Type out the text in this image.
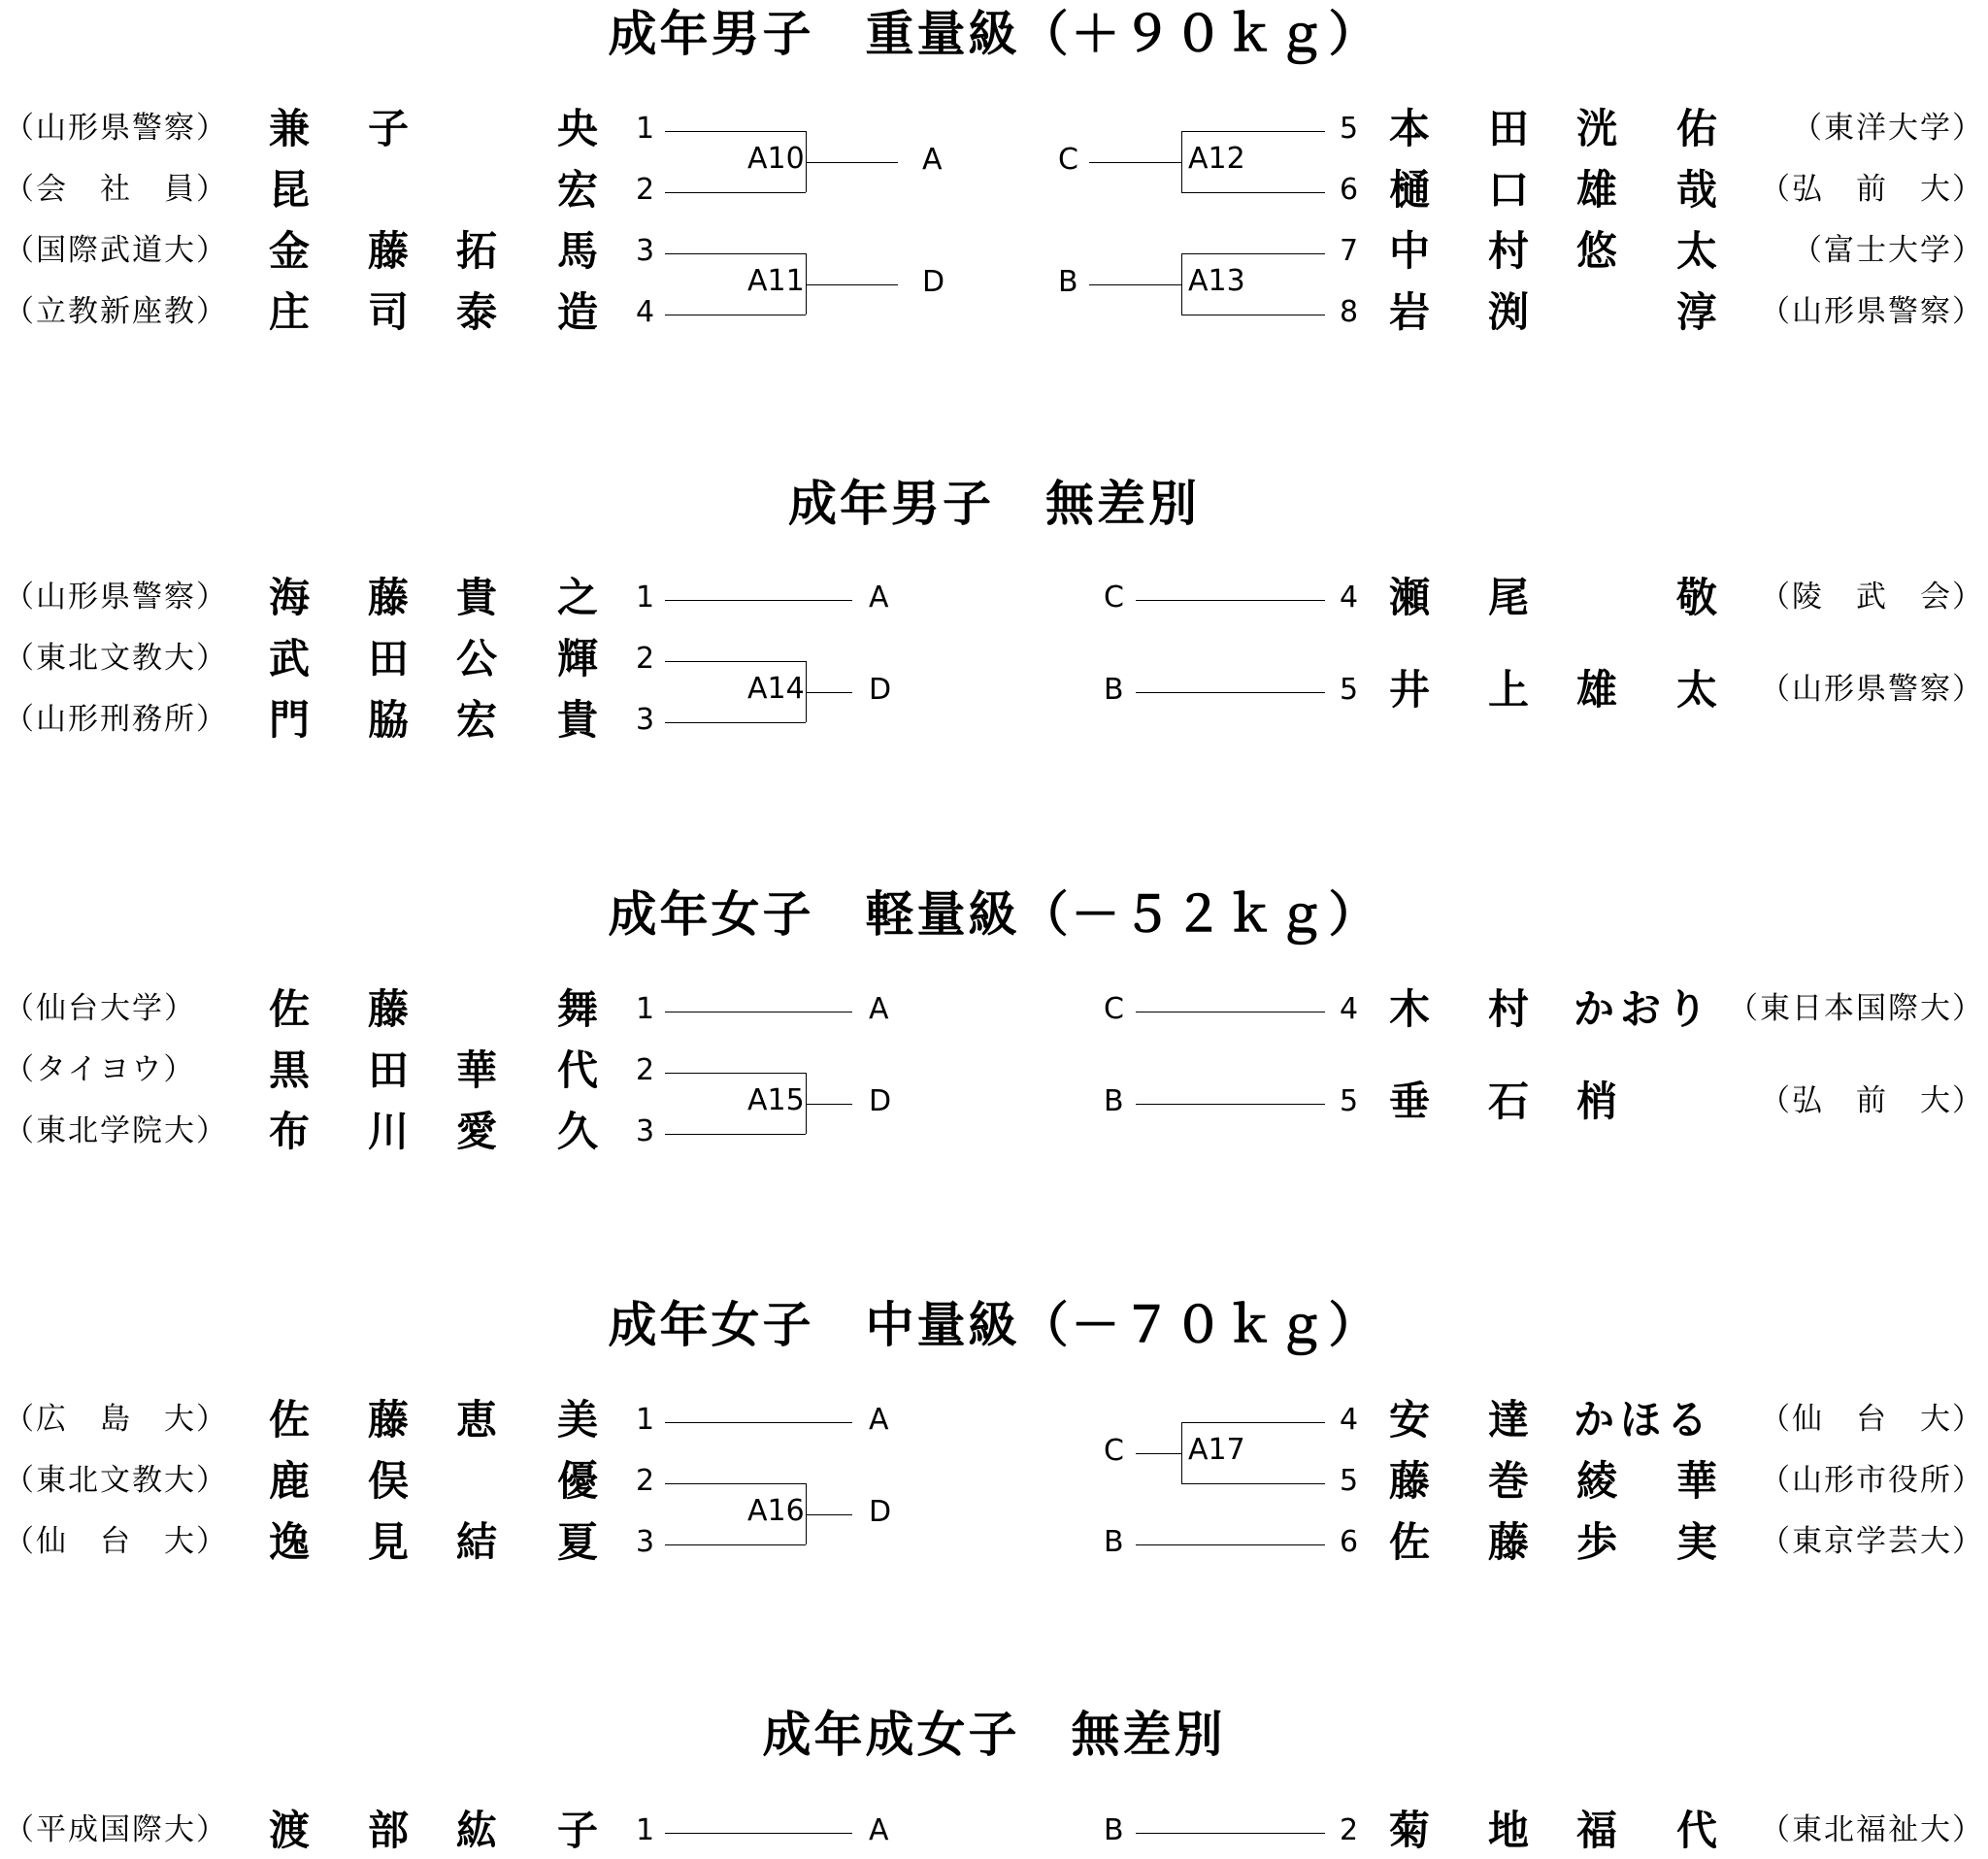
成年男子　重量級（＋９０ｋｇ）
（山形県警察） 兼 子	央 1
（会　社　員） 昆	宏 2
（国際武道大） 金 藤 拓 馬 3
（立教新座教） 庄 司 泰 造 4
A10	A
A11	D
5 本 田 洸 佑 （東洋大学）
6 樋 口 雄 哉 （弘　前　大）
7 中 村 悠 太 （富士大学）
8 岩 渕	淳 （山形県警察）
A12
C
A13
B
成年男子　無差別
（山形県警察） 海 藤 貴 之 1	A
（東北文教大） 武 田 公 輝 2
（山形刑務所） 門 脇 宏 貴 3
A14 D
4 瀬 尾	敬 （陵　武　会）
C
5 井 上 雄 太 （山形県警察）
B
成年女子　軽量級（－５２ｋｇ）
（仙台大学） 佐 藤	舞 1	A
（タイヨウ） 黒 田 華 代 2
（東北学院大） 布 川 愛 久 3
A15 D
4 木 村 かおり （東日本国際大）
C
5 垂 石 梢	（弘　前　大）
B
成年女子　中量級（－７０ｋｇ）
（広　島　大） 佐 藤 恵 美 1	A
（東北文教大） 鹿 俣	優 2
（仙　台　大） 逸 見 結 夏 3
A16 D
4 安 達 かほる （仙　台　大）
5 藤 巻 綾 華 （山形市役所）
6 佐 藤 歩 実 （東京学芸大）
B
A17
C
成年成女子　無差別
（平成国際大） 渡 部 紘 子 1	A	2 菊 地 福 代 （東北福祉大）
B
